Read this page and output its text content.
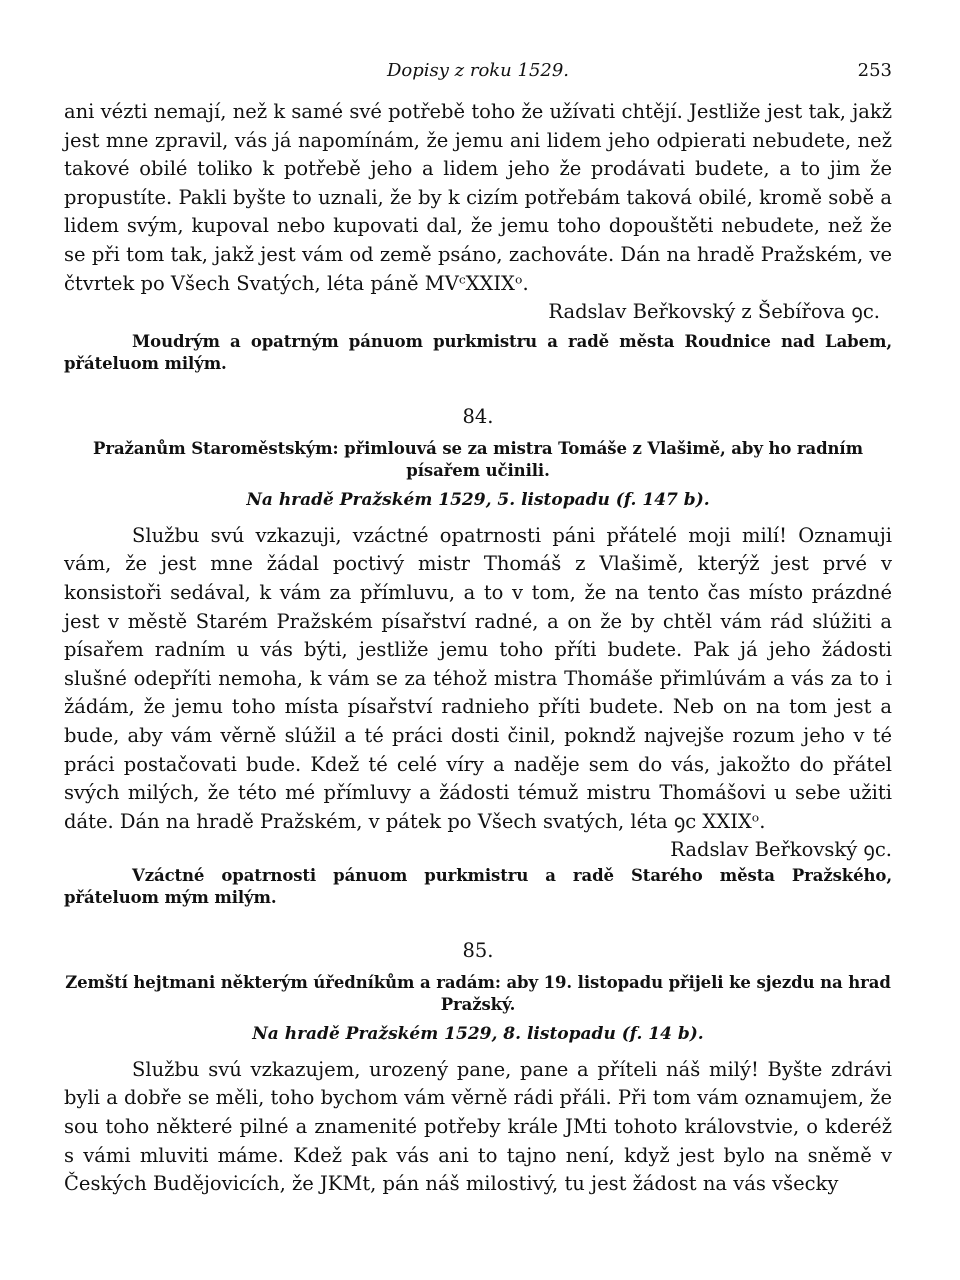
Dopisy z roku 1529.	253

ani vézti nemají, než k samé své potřebě toho že užívati chtějí. Jestliže jest tak, jakž jest mne zpravil, vás já napomínám, že jemu ani lidem jeho odpierati nebudete, než takové obilé toliko k potřebě jeho a lidem jeho že prodávati budete, a to jim že propustíte. Pakli byšte to uznali, že by k cizím potřebám taková obilé, kromě sobě a lidem svým, kupoval nebo kupovati dal, že jemu toho dopouštěti nebudete, než že se při tom tak, jakž jest vám od země psáno, zachováte. Dán na hradě Pražském, ve čtvrtek po Všech Svatých, léta páně MVᶜXXIXᵒ.

Radslav Beřkovský z Šebířova ꝯc.

Moudrým a opatrným pánuom purkmistru a radě města Roudnice nad Labem, přáteluom milým.

84.
Pražanům Staroměstským: přimlouvá se za mistra Tomáše z Vlašimě, aby ho radním písařem učinili.
Na hradě Pražském 1529, 5. listopadu (f. 147 b).

Službu svú vzkazuji, vzáctné opatrnosti páni přátelé moji milí! Oznamuji vám, že jest mne žádal poctivý mistr Thomáš z Vlašimě, kterýž jest prvé v konsistoři sedával, k vám za přímluvu, a to v tom, že na tento čas místo prázdné jest v městě Starém Pražském písařství radné, a on že by chtěl vám rád slúžiti a písařem radním u vás býti, jestliže jemu toho příti budete. Pak já jeho žádosti slušné odepříti nemoha, k vám se za téhož mistra Thomáše přimlúvám a vás za to i žádám, že jemu toho místa písařství radnieho příti budete. Neb on na tom jest a bude, aby vám věrně slúžil a té práci dosti činil, pokndž najvejše rozum jeho v té práci postačovati bude. Kdež té celé víry a naděje sem do vás, jakožto do přátel svých milých, že této mé přímluvy a žádosti témuž mistru Thomášovi u sebe užiti dáte. Dán na hradě Pražském, v pátek po Všech svatých, léta ꝯc XXIXᵒ.
Radslav Beřkovský ꝯc.

Vzáctné opatrnosti pánuom purkmistru a radě Starého města Pražského, přáteluom mým milým.

85.
Zemští hejtmani některým úředníkům a radám: aby 19. listopadu přijeli ke sjezdu na hrad Pražský.
Na hradě Pražském 1529, 8. listopadu (f. 14 b).

Službu svú vzkazujem, urozený pane, pane a příteli náš milý! Byšte zdrávi byli a dobře se měli, toho bychom vám věrně rádi přáli. Při tom vám oznamujem, že sou toho některé pilné a znamenité potřeby krále JMti tohoto královstvie, o kderéž s vámi mluviti máme. Kdež pak vás ani to tajno není, když jest bylo na sněmě v Českých Budějovicích, že JKMt, pán náš milostivý, tu jest žádost na vás všecky
